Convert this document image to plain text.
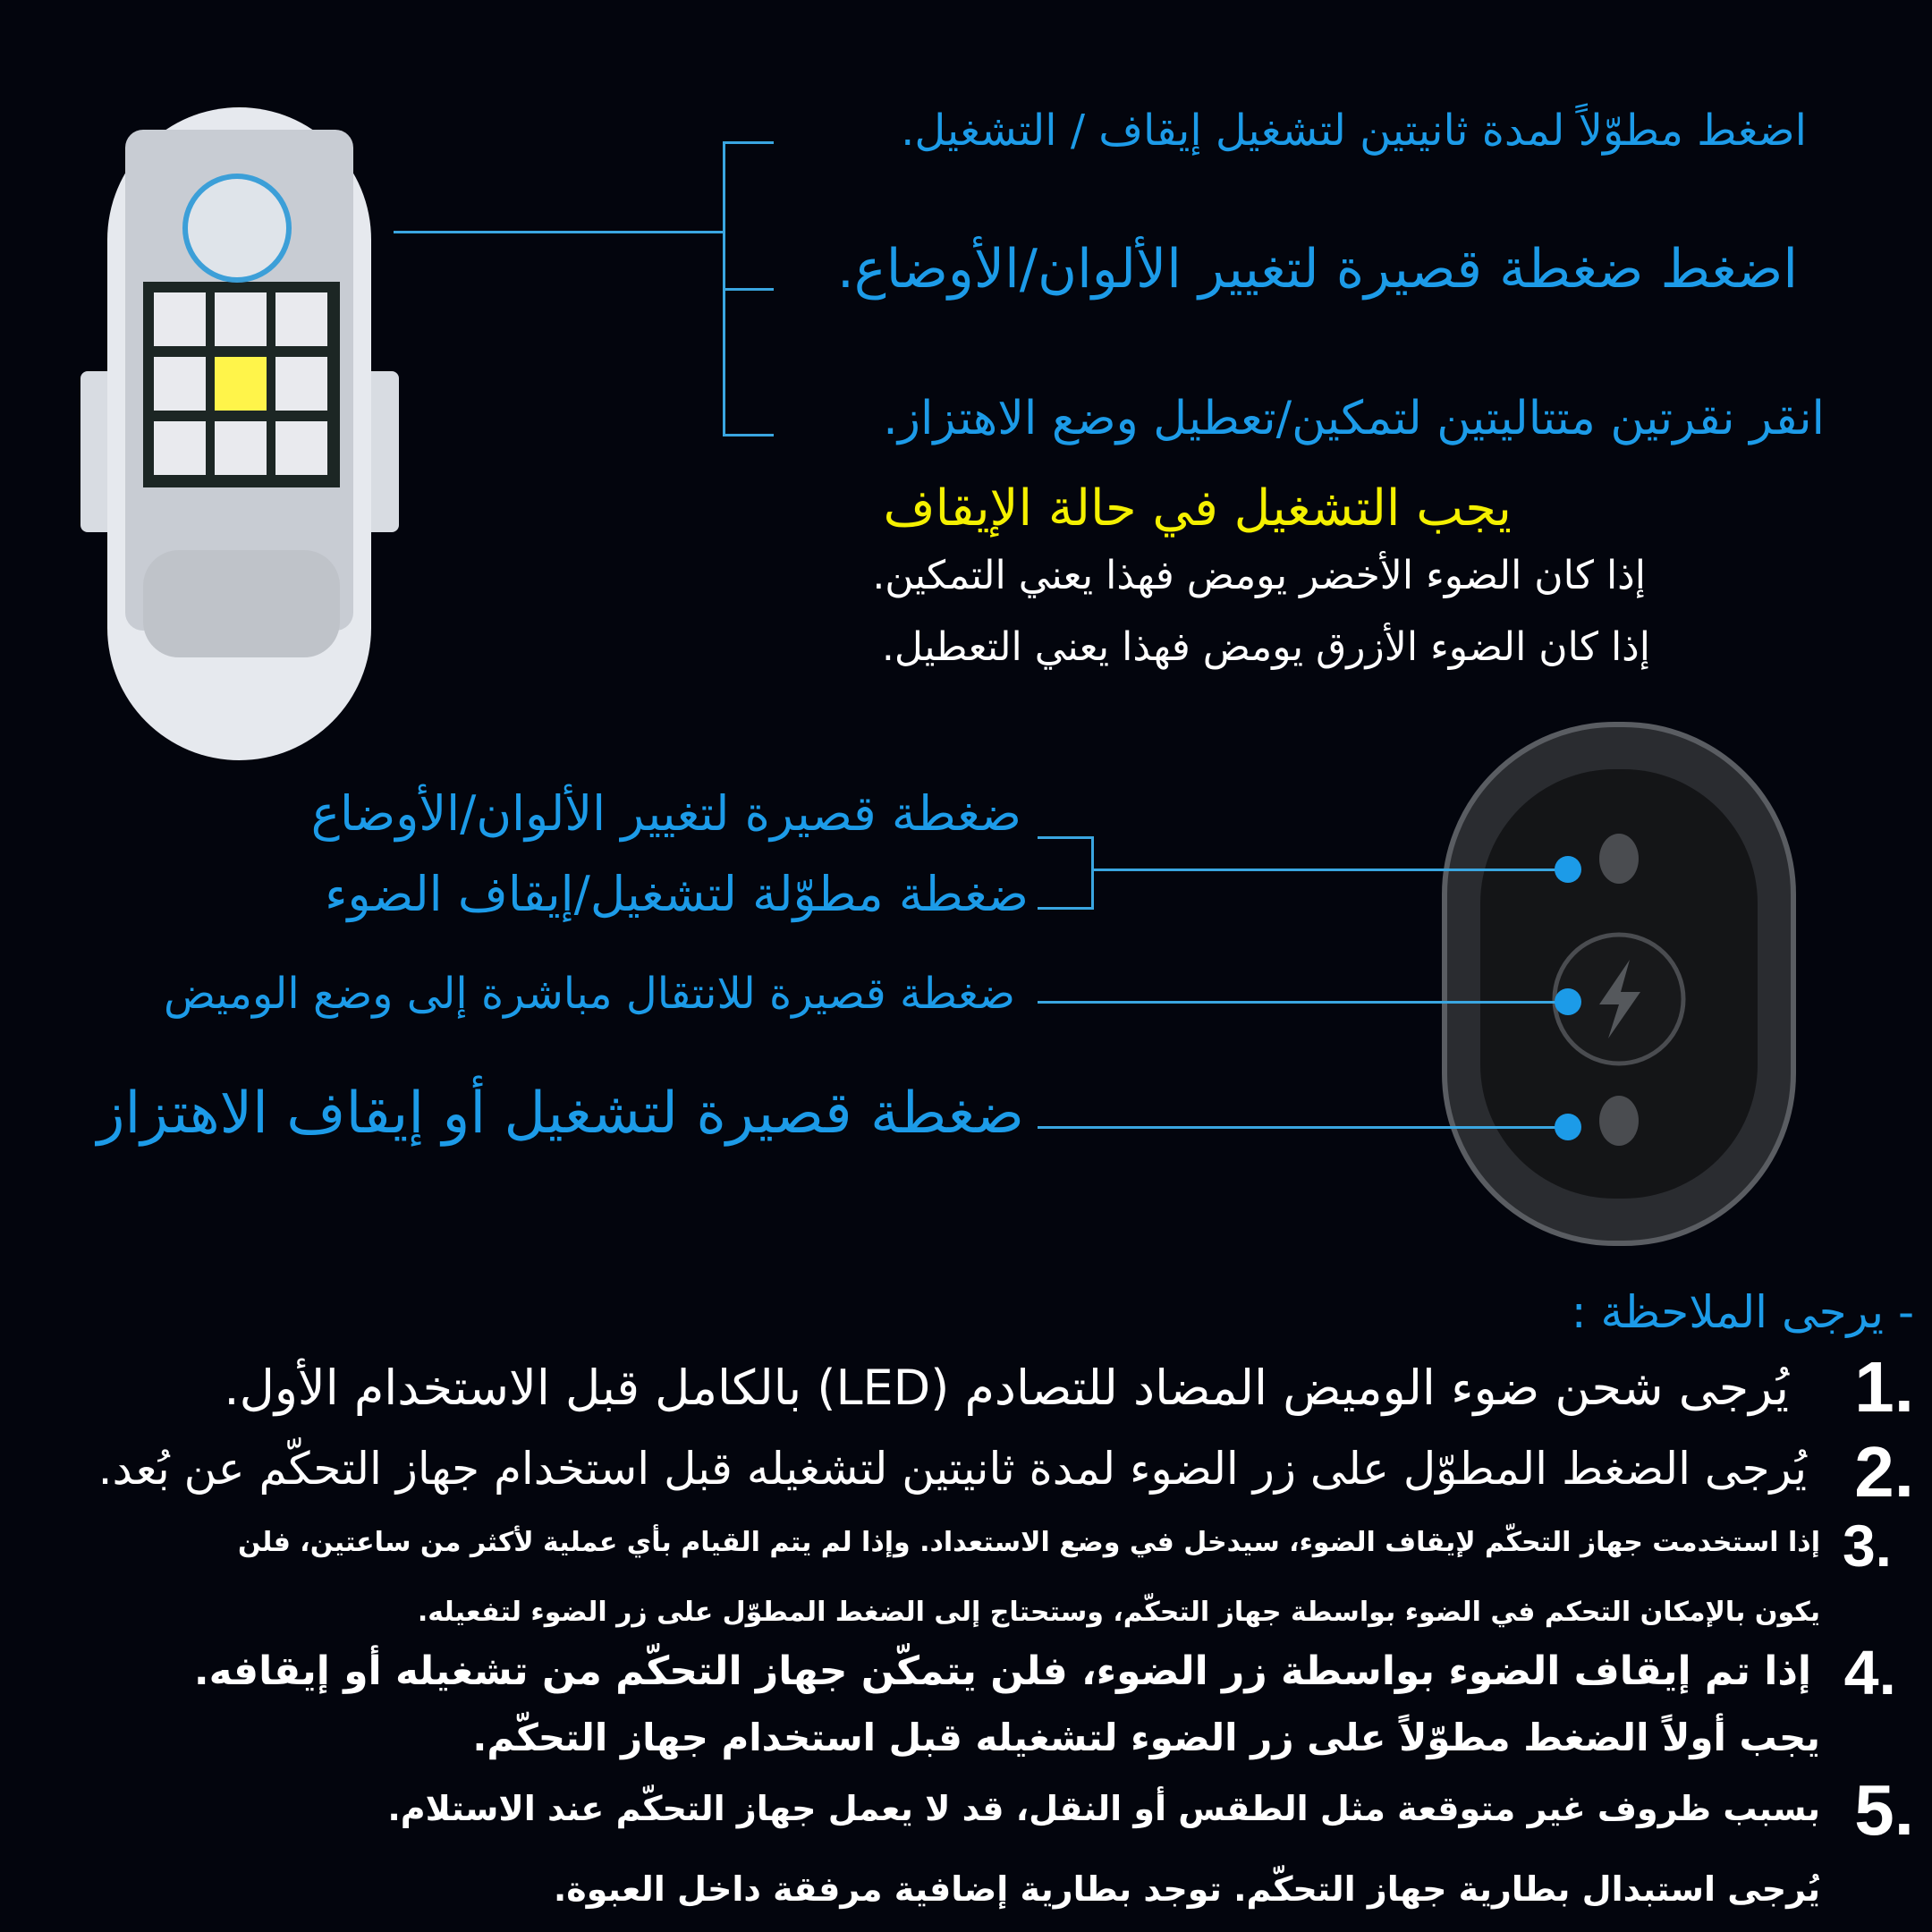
اضغط مطوّلاً لمدة ثانيتين لتشغيل إيقاف / التشغيل.
اضغط ضغطة قصيرة لتغيير الألوان/الأوضاع.
انقر نقرتين متتاليتين لتمكين/تعطيل وضع الاهتزاز.
يجب التشغيل في حالة الإيقاف
إذا كان الضوء الأخضر يومض فهذا يعني التمكين.
إذا كان الضوء الأزرق يومض فهذا يعني التعطيل.
ضغطة قصيرة لتغيير الألوان/الأوضاع
ضغطة مطوّلة لتشغيل/إيقاف الضوء
ضغطة قصيرة للانتقال مباشرة إلى وضع الوميض
ضغطة قصيرة لتشغيل أو إيقاف الاهتزاز
- يرجى الملاحظة :
1.
يُرجى شحن ضوء الوميض المضاد للتصادم (LED) بالكامل قبل الاستخدام الأول.
2.
يُرجى الضغط المطوّل على زر الضوء لمدة ثانيتين لتشغيله قبل استخدام جهاز التحكّم عن بُعد.
3.
إذا استخدمت جهاز التحكّم لإيقاف الضوء، سيدخل في وضع الاستعداد. وإذا لم يتم القيام بأي عملية لأكثر من ساعتين، فلن
يكون بالإمكان التحكم في الضوء بواسطة جهاز التحكّم، وستحتاج إلى الضغط المطوّل على زر الضوء لتفعيله.
4.
إذا تم إيقاف الضوء بواسطة زر الضوء، فلن يتمكّن جهاز التحكّم من تشغيله أو إيقافه.
يجب أولاً الضغط مطوّلاً على زر الضوء لتشغيله قبل استخدام جهاز التحكّم.
5.
بسبب ظروف غير متوقعة مثل الطقس أو النقل، قد لا يعمل جهاز التحكّم عند الاستلام.
يُرجى استبدال بطارية جهاز التحكّم. توجد بطارية إضافية مرفقة داخل العبوة.
